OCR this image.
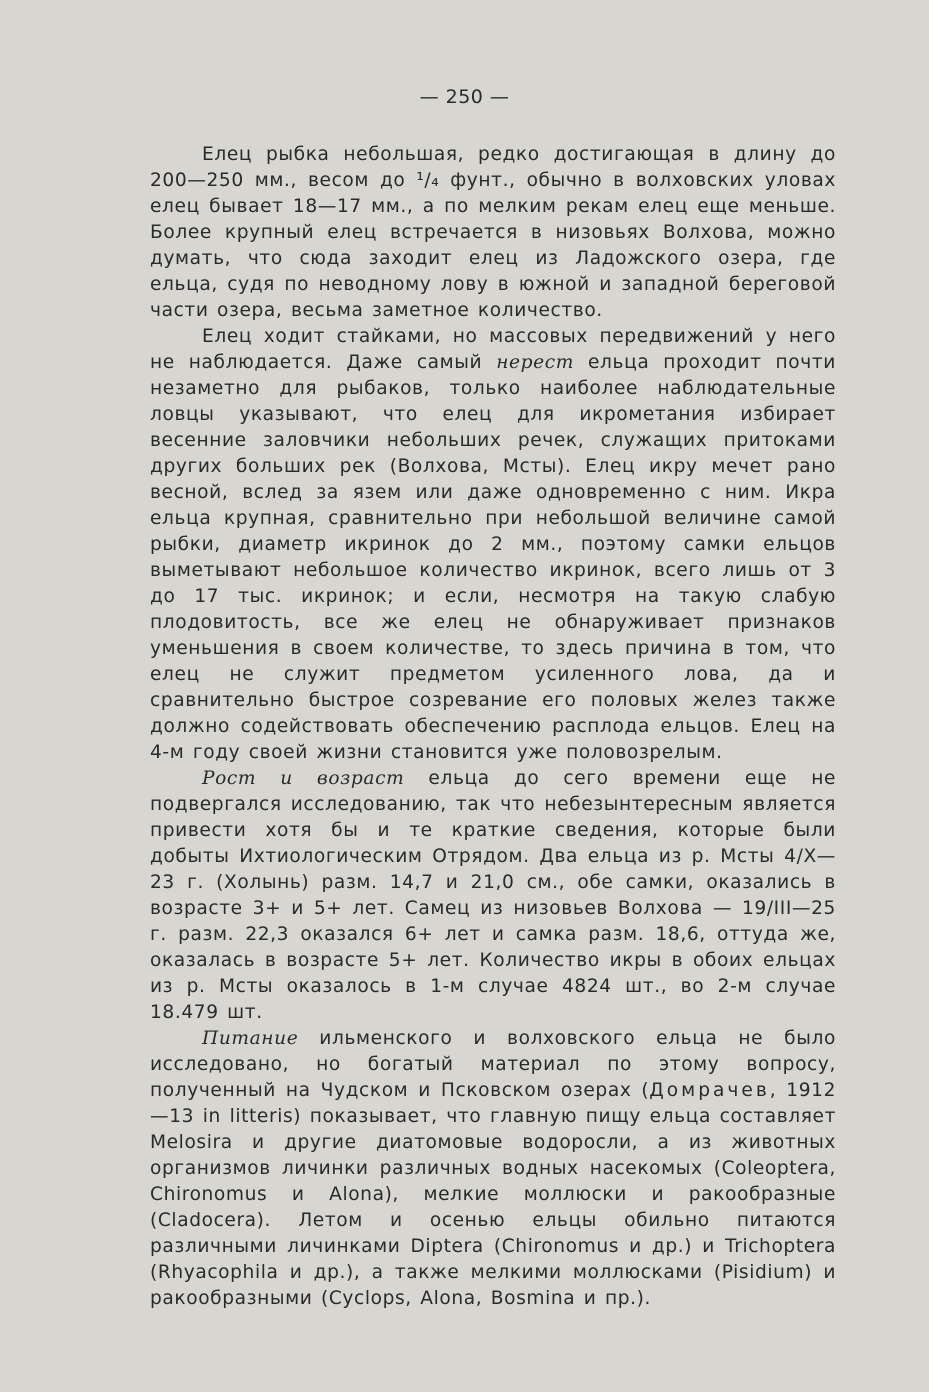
— 250 —

Елец рыбка небольшая, редко достигающая в длину до 200—250 мм., весом до ¹/₄ фунт., обычно в волховских уловах елец бывает 18—17 мм., а по мелким рекам елец еще меньше. Более крупный елец встречается в низовьях Волхова, можно думать, что сюда заходит елец из Ладожского озера, где ельца, судя по неводному лову в южной и западной береговой части озера, весьма заметное количество.

Елец ходит стайками, но массовых передвижений у него не наблюдается. Даже самый нерест ельца проходит почти незаметно для рыбаков, только наиболее наблюдательные ловцы указывают, что елец для икрометания избирает весенние заловчики небольших речек, служащих притоками других больших рек (Волхова, Мсты). Елец икру мечет рано весной, вслед за язем или даже одновременно с ним. Икра ельца крупная, сравнительно при небольшой величине самой рыбки, диаметр икринок до 2 мм., поэтому самки ельцов выметывают небольшое количество икринок, всего лишь от 3 до 17 тыс. икринок; и если, несмотря на такую слабую плодовитость, все же елец не обнаруживает признаков уменьшения в своем количестве, то здесь причина в том, что елец не служит предметом усиленного лова, да и сравнительно быстрое созревание его половых желез также должно содействовать обеспечению расплода ельцов. Елец на 4-м году своей жизни становится уже половозрелым.

Рост и возраст ельца до сего времени еще не подвергался исследованию, так что небезынтересным является привести хотя бы и те краткие сведения, которые были добыты Ихтиологическим Отрядом. Два ельца из р. Мсты 4/X—23 г. (Холынь) разм. 14,7 и 21,0 см., обе самки, оказались в возрасте 3+ и 5+ лет. Самец из низовьев Волхова — 19/III—25 г. разм. 22,3 оказался 6+ лет и самка разм. 18,6, оттуда же, оказалась в возрасте 5+ лет. Количество икры в обоих ельцах из р. Мсты оказалось в 1-м случае 4824 шт., во 2-м случае 18.479 шт.

Питание ильменского и волховского ельца не было исследовано, но богатый материал по этому вопросу, полученный на Чудском и Псковском озерах (Домрачев, 1912—13 in litteris) показывает, что главную пищу ельца составляет Melosira и другие диатомовые водоросли, а из животных организмов личинки различных водных насекомых (Coleoptera, Chironomus и Alona), мелкие моллюски и ракообразные (Cladocera). Летом и осенью ельцы обильно питаются различными личинками Diptera (Chironomus и др.) и Trichoptera (Rhyacophila и др.), а также мелкими моллюсками (Pisidium) и ракообразными (Cyclops, Alona, Bosmina и пр.).
